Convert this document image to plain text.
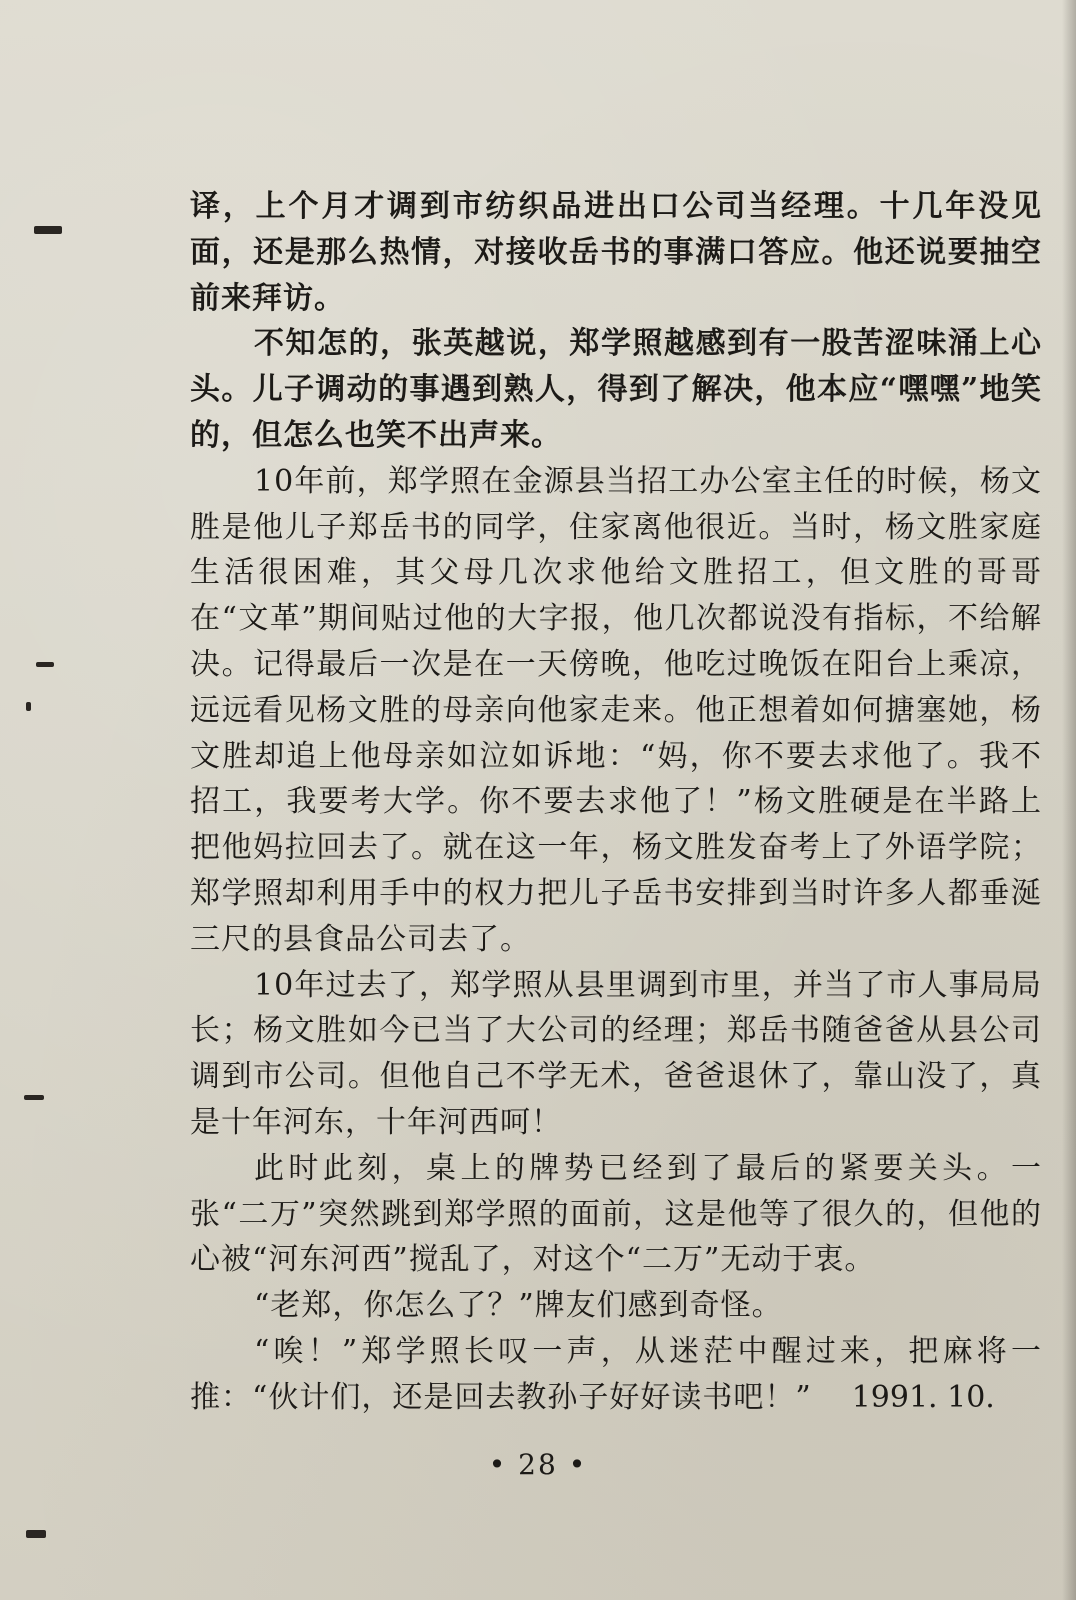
译，上个月才调到市纺织品进出口公司当经理。十几年没见面，还是那么热情，对接收岳书的事满口答应。他还说要抽空前来拜访。

不知怎的，张英越说，郑学照越感到有一股苦涩味涌上心头。儿子调动的事遇到熟人，得到了解决，他本应“嘿嘿”地笑的，但怎么也笑不出声来。

10年前，郑学照在金源县当招工办公室主任的时候，杨文胜是他儿子郑岳书的同学，住家离他很近。当时，杨文胜家庭生活很困难，其父母几次求他给文胜招工，但文胜的哥哥在“文革”期间贴过他的大字报，他几次都说没有指标，不给解决。记得最后一次是在一天傍晚，他吃过晚饭在阳台上乘凉，远远看见杨文胜的母亲向他家走来。他正想着如何搪塞她，杨文胜却追上他母亲如泣如诉地：“妈，你不要去求他了。我不招工，我要考大学。你不要去求他了！”杨文胜硬是在半路上把他妈拉回去了。就在这一年，杨文胜发奋考上了外语学院；郑学照却利用手中的权力把儿子岳书安排到当时许多人都垂涎三尺的县食品公司去了。

10年过去了，郑学照从县里调到市里，并当了市人事局局长；杨文胜如今已当了大公司的经理；郑岳书随爸爸从县公司调到市公司。但他自己不学无术，爸爸退休了，靠山没了，真是十年河东，十年河西呵！

此时此刻，桌上的牌势已经到了最后的紧要关头。一张“二万”突然跳到郑学照的面前，这是他等了很久的，但他的心被“河东河西”搅乱了，对这个“二万”无动于衷。

“老郑，你怎么了？”牌友们感到奇怪。

“唉！”郑学照长叹一声，从迷茫中醒过来，把麻将一推：“伙计们，还是回去教孙子好好读书吧！” 1991. 10.

• 28 •
